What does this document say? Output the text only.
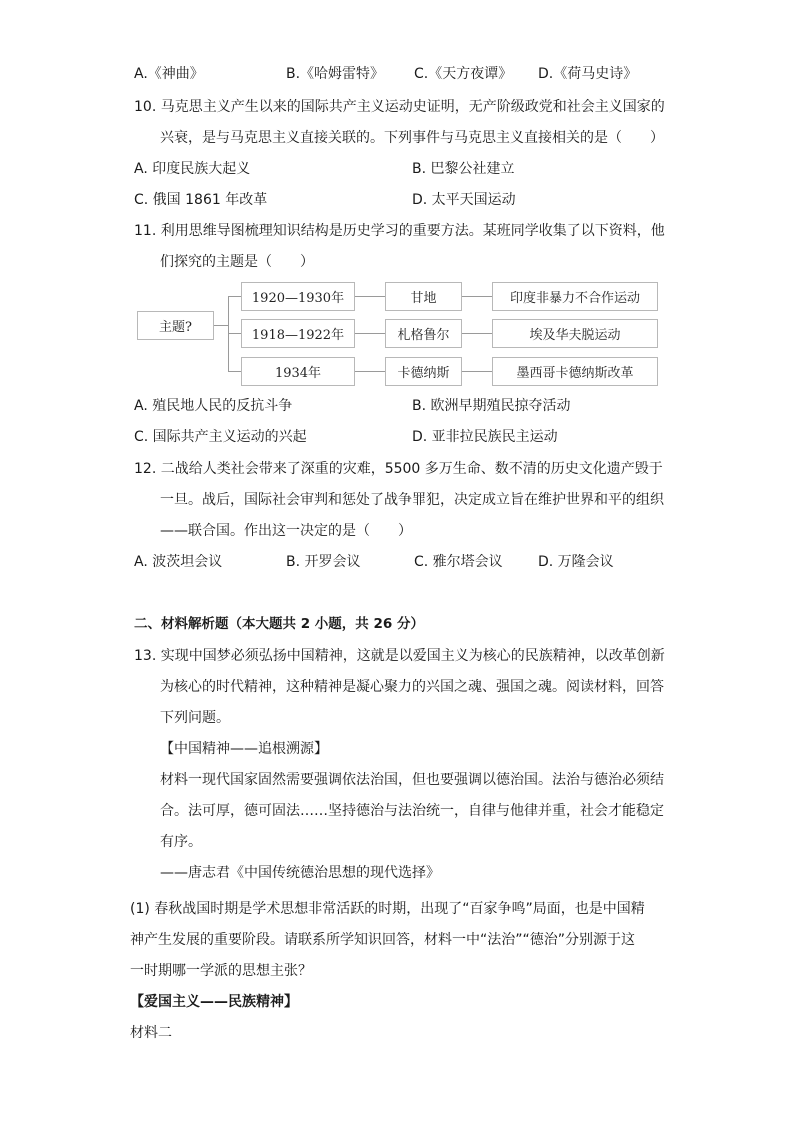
A.《神曲》	B.《哈姆雷特》 C.《天方夜谭》 D.《荷马史诗》
10. 马克思主义产生以来的国际共产主义运动史证明，无产阶级政党和社会主义国家的
兴衰，是与马克思主义直接关联的。下列事件与马克思主义直接相关的是（　　）
A. 印度民族大起义	B. 巴黎公社建立
C. 俄国 1861 年改革	D. 太平天国运动
11. 利用思维导图梳理知识结构是历史学习的重要方法。某班同学收集了以下资料，他
们探究的主题是（　　）
主题?
1920—1930年	甘地	印度非暴力不合作运动
1918—1922年	札格鲁尔	埃及华夫脱运动
1934年	卡德纳斯	墨西哥卡德纳斯改革
A. 殖民地人民的反抗斗争	B. 欧洲早期殖民掠夺活动
C. 国际共产主义运动的兴起	D. 亚非拉民族民主运动
12. 二战给人类社会带来了深重的灾难，5500 多万生命、数不清的历史文化遗产毁于
一旦。战后，国际社会审判和惩处了战争罪犯，决定成立旨在维护世界和平的组织
——联合国。作出这一决定的是（　　）
A. 波茨坦会议	B. 开罗会议	C. 雅尔塔会议	D. 万隆会议
二、材料解析题（本大题共 2 小题，共 26 分）
13. 实现中国梦必须弘扬中国精神，这就是以爱国主义为核心的民族精神，以改革创新
为核心的时代精神，这种精神是凝心聚力的兴国之魂、强国之魂。阅读材料，回答
下列问题。
【中国精神——追根溯源】
材料一现代国家固然需要强调依法治国，但也要强调以德治国。法治与德治必须结
合。法可厚，德可固法……坚持德治与法治统一，自律与他律并重，社会才能稳定
有序。
——唐志君《中国传统德治思想的现代选择》
(1) 春秋战国时期是学术思想非常活跃的时期，出现了“百家争鸣”局面，也是中国精
神产生发展的重要阶段。请联系所学知识回答，材料一中“法治”“德治”分别源于这
一时期哪一学派的思想主张？
【爱国主义——民族精神】
材料二
